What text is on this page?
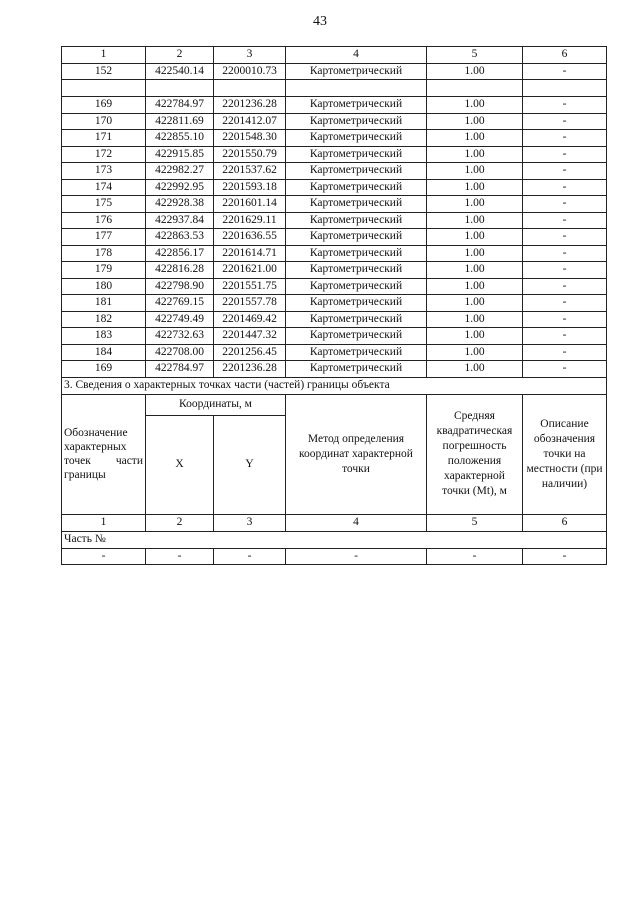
43
1	2	3	4	5	6
152	422540.14	2200010.73	Картометрический	1.00	-

169	422784.97	2201236.28	Картометрический	1.00	-
170	422811.69	2201412.07	Картометрический	1.00	-
171	422855.10	2201548.30	Картометрический	1.00	-
172	422915.85	2201550.79	Картометрический	1.00	-
173	422982.27	2201537.62	Картометрический	1.00	-
174	422992.95	2201593.18	Картометрический	1.00	-
175	422928.38	2201601.14	Картометрический	1.00	-
176	422937.84	2201629.11	Картометрический	1.00	-
177	422863.53	2201636.55	Картометрический	1.00	-
178	422856.17	2201614.71	Картометрический	1.00	-
179	422816.28	2201621.00	Картометрический	1.00	-
180	422798.90	2201551.75	Картометрический	1.00	-
181	422769.15	2201557.78	Картометрический	1.00	-
182	422749.49	2201469.42	Картометрический	1.00	-
183	422732.63	2201447.32	Картометрический	1.00	-
184	422708.00	2201256.45	Картометрический	1.00	-
169	422784.97	2201236.28	Картометрический	1.00	-
3. Сведения о характерных точках части (частей) границы объекта					
Обозначение характерных точек части границы	Координаты, м		Метод определения координат характерной точки	Средняя квадратическая погрешность положения характерной точки (Mt), м	Описание обозначения точки на местности (при наличии)
	X	Y			
1	2	3	4	5	6
Часть №					
-	-	-	-	-	-
